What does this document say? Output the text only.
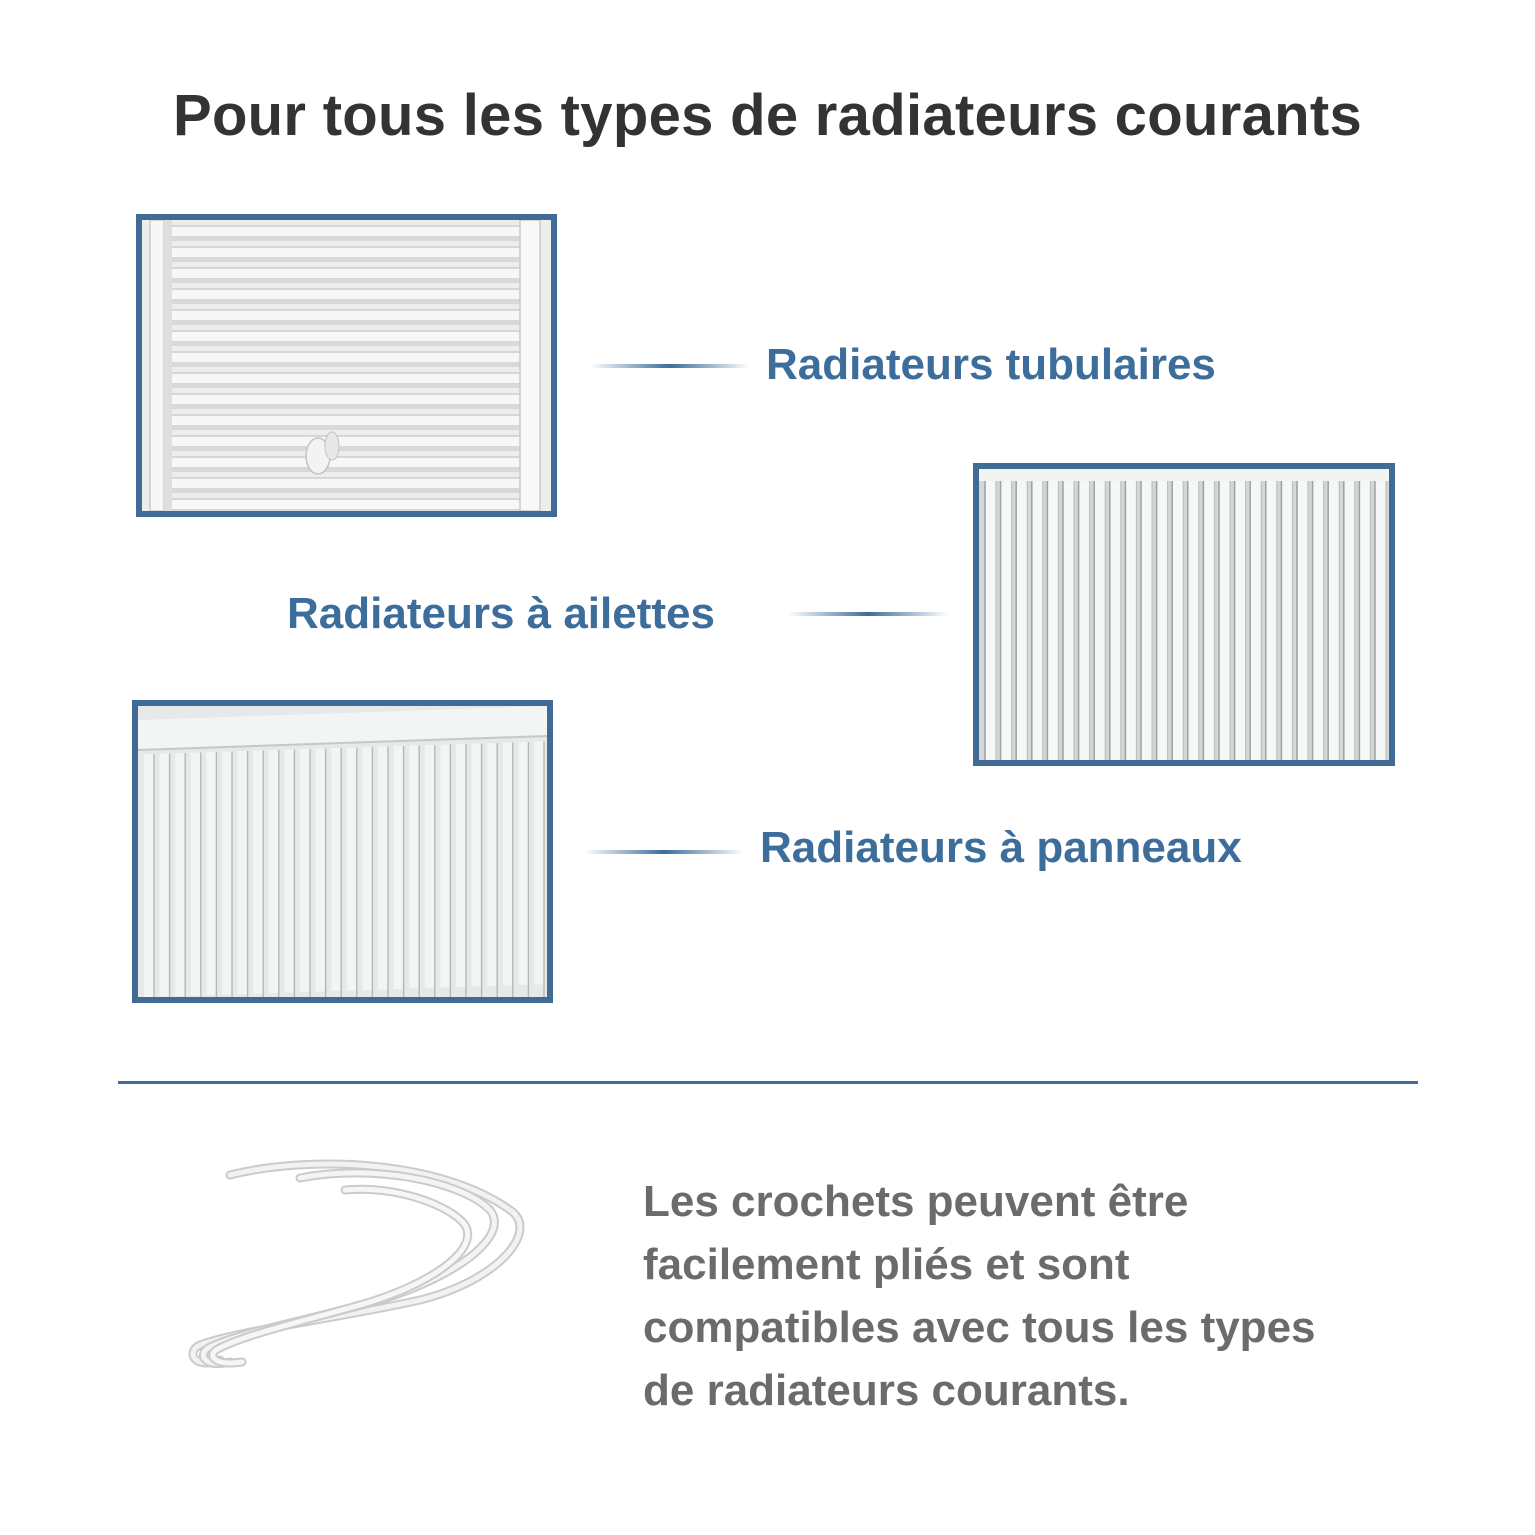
Pour tous les types de radiateurs courants
Radiateurs tubulaires
Radiateurs à ailettes
Radiateurs à panneaux
Les crochets peuvent être
facilement pliés et sont
compatibles avec tous les types
de radiateurs courants.
